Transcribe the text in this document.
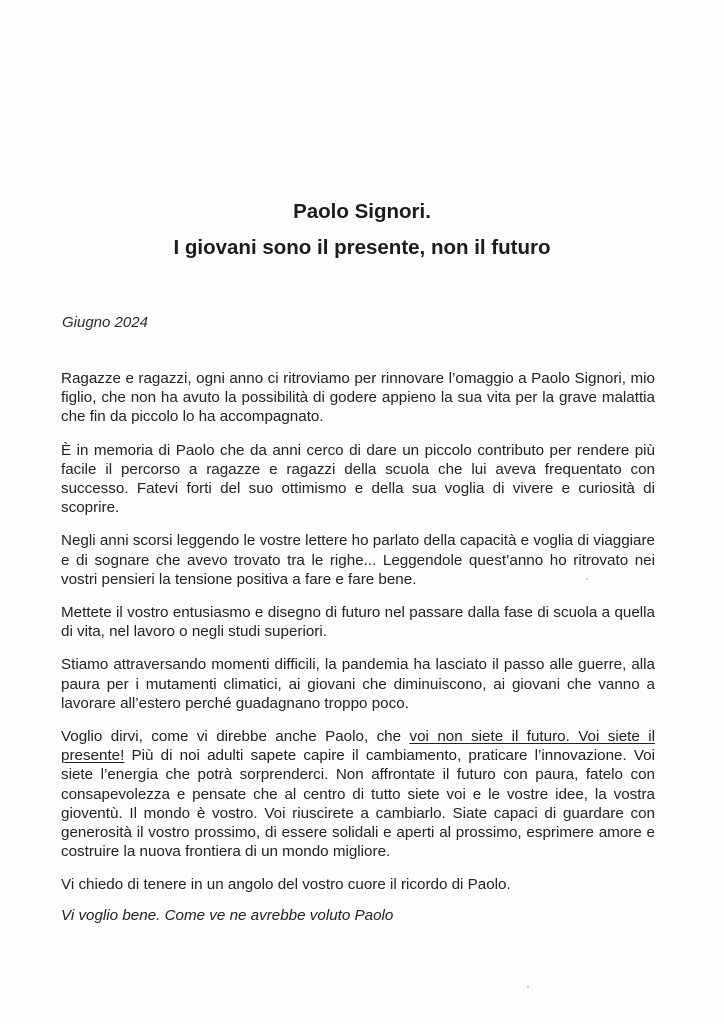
Paolo Signori.
I giovani sono il presente, non il futuro
Giugno 2024

Ragazze e ragazzi, ogni anno ci ritroviamo per rinnovare l’omaggio a Paolo Signori, mio figlio, che non ha avuto la possibilità di godere appieno la sua vita per la grave malattia che fin da piccolo lo ha accompagnato.

È in memoria di Paolo che da anni cerco di dare un piccolo contributo per rendere più facile il percorso a ragazze e ragazzi della scuola che lui aveva frequentato con successo. Fatevi forti del suo ottimismo e della sua voglia di vivere e curiosità di scoprire.

Negli anni scorsi leggendo le vostre lettere ho parlato della capacità e voglia di viaggiare e di sognare che avevo trovato tra le righe... Leggendole quest’anno ho ritrovato nei vostri pensieri la tensione positiva a fare e fare bene.

Mettete il vostro entusiasmo e disegno di futuro nel passare dalla fase di scuola a quella di vita, nel lavoro o negli studi superiori.

Stiamo attraversando momenti difficili, la pandemia ha lasciato il passo alle guerre, alla paura per i mutamenti climatici, ai giovani che diminuiscono, ai giovani che vanno a lavorare all’estero perché guadagnano troppo poco.

Voglio dirvi, come vi direbbe anche Paolo, che voi non siete il futuro. Voi siete il presente! Più di noi adulti sapete capire il cambiamento, praticare l’innovazione. Voi siete l’energia che potrà sorprenderci. Non affrontate il futuro con paura, fatelo con consapevolezza e pensate che al centro di tutto siete voi e le vostre idee, la vostra gioventù. Il mondo è vostro. Voi riuscirete a cambiarlo. Siate capaci di guardare con generosità il vostro prossimo, di essere solidali e aperti al prossimo, esprimere amore e costruire la nuova frontiera di un mondo migliore.

Vi chiedo di tenere in un angolo del vostro cuore il ricordo di Paolo.

Vi voglio bene. Come ve ne avrebbe voluto Paolo
